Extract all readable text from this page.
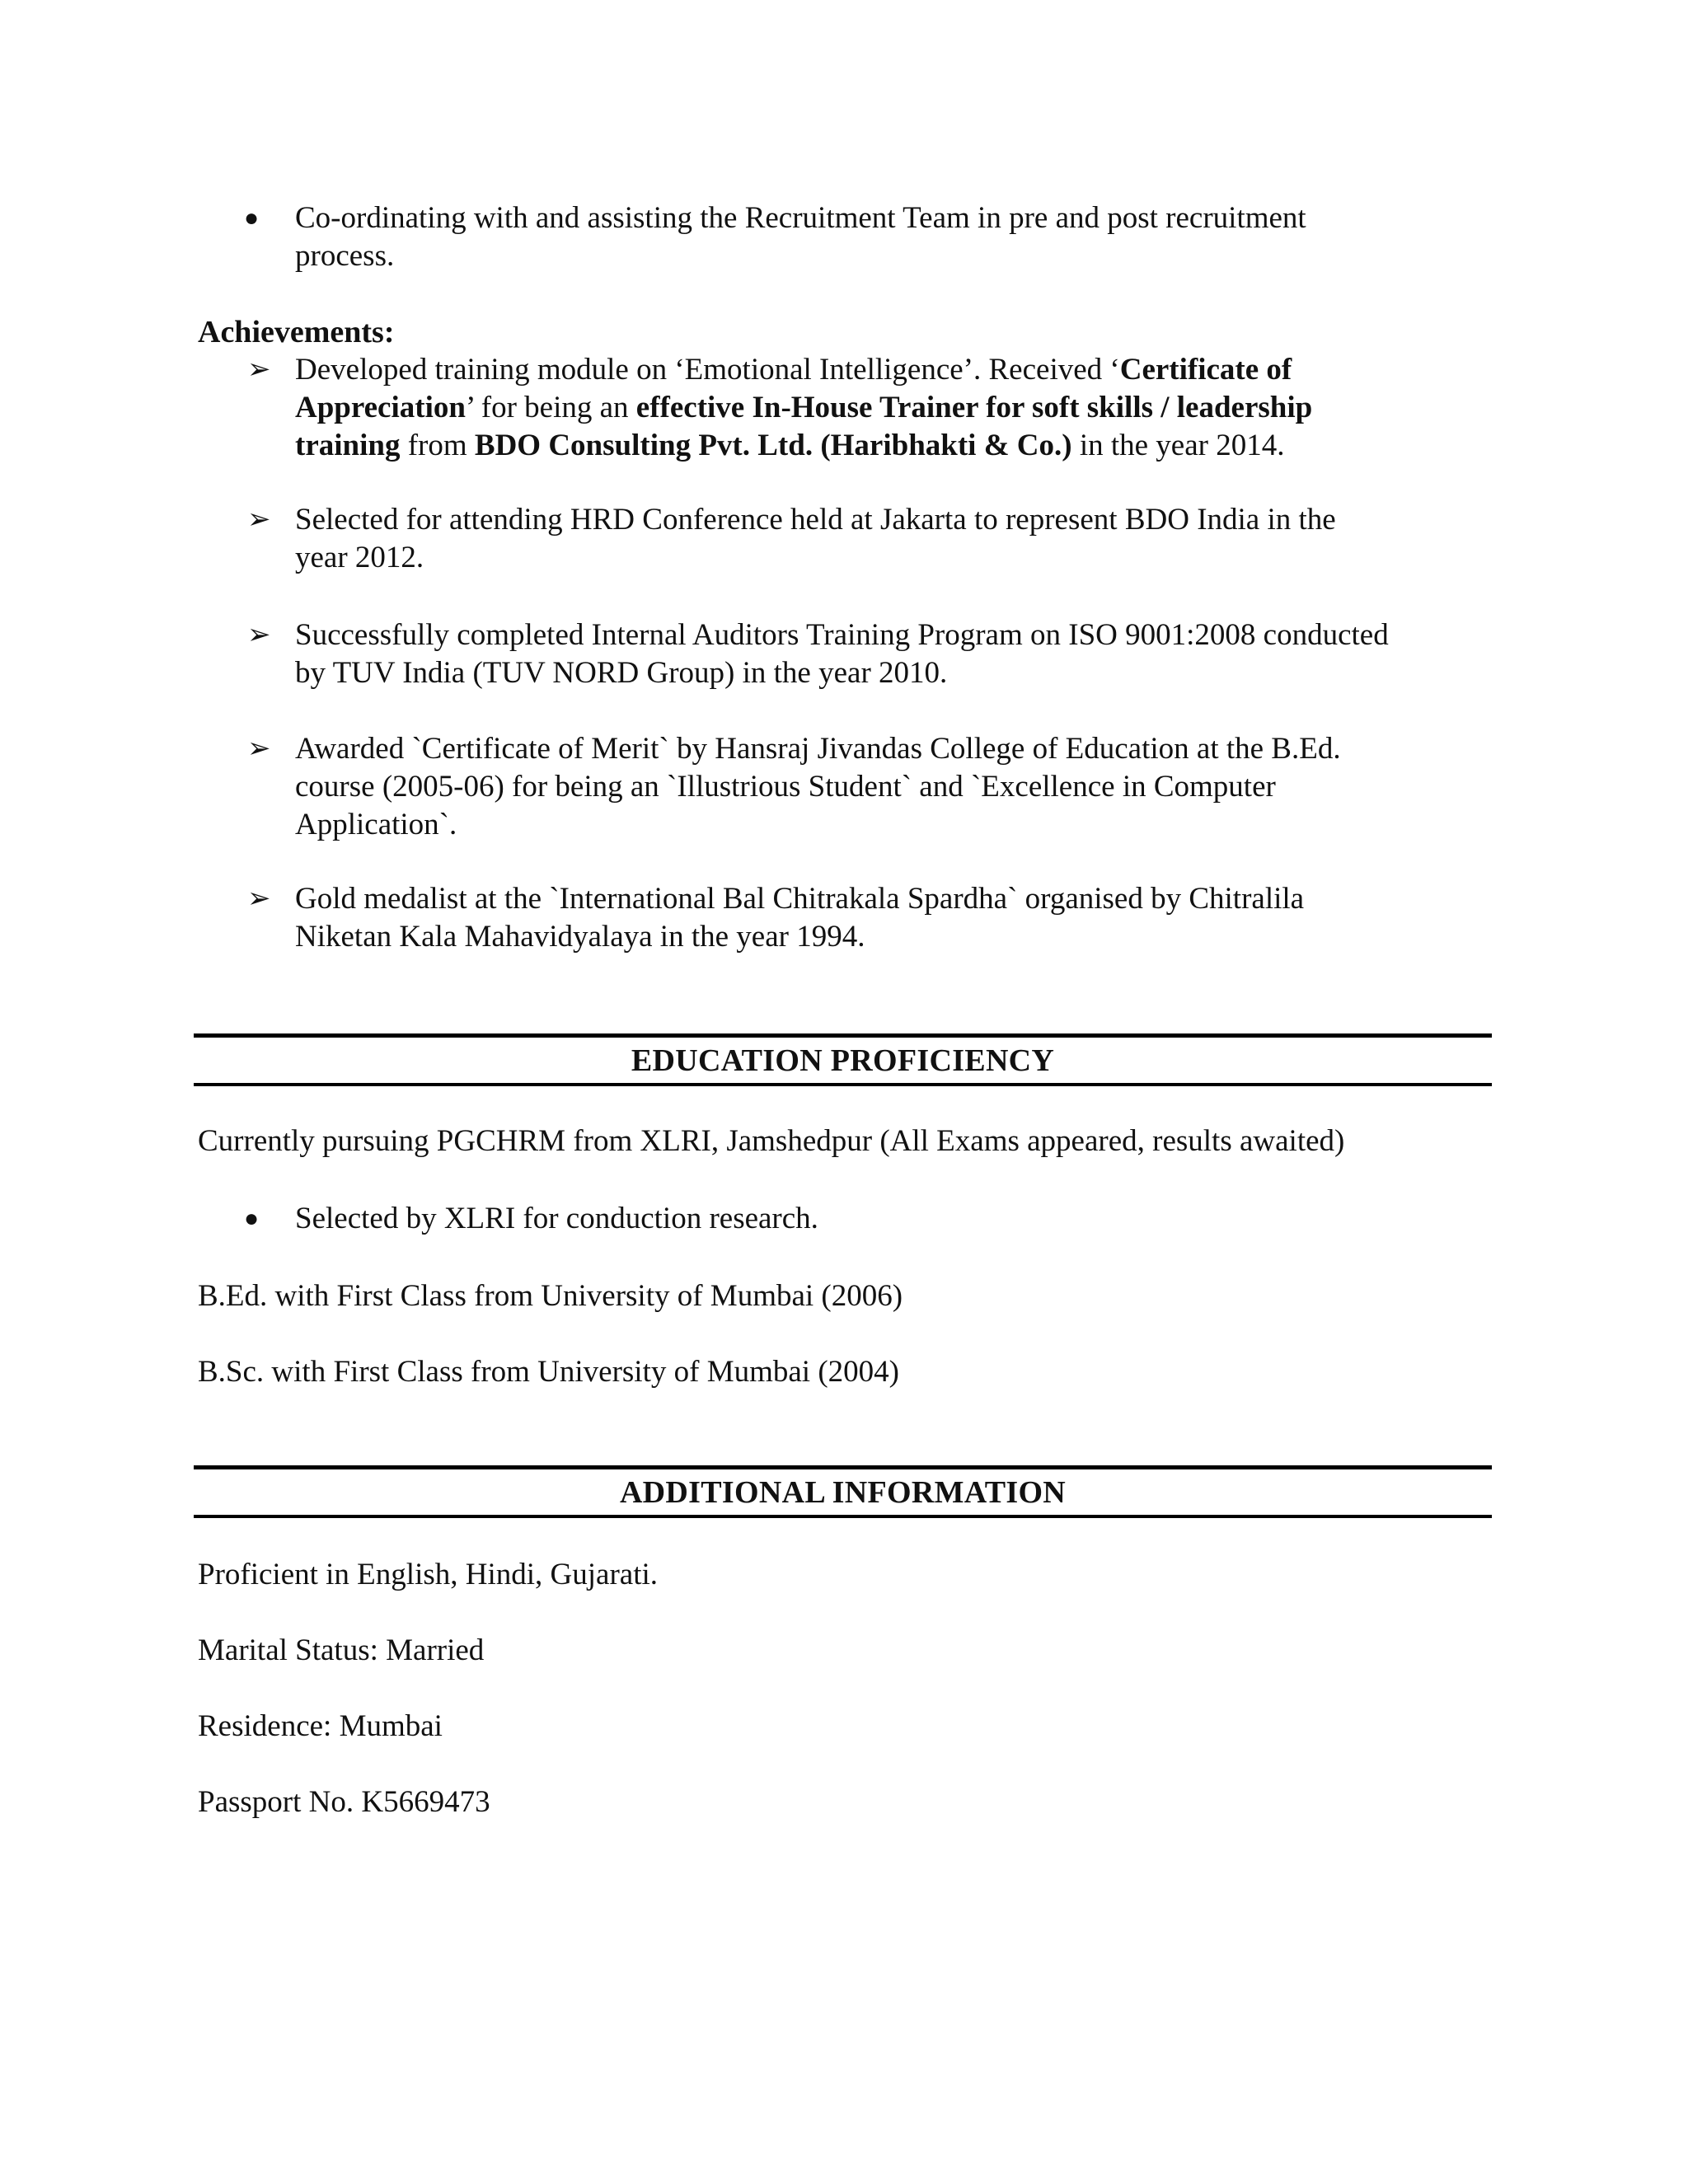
● Co-ordinating with and assisting the Recruitment Team in pre and post recruitment
process.
Achievements:
➢ Developed training module on ‘Emotional Intelligence’. Received ‘Certificate of
Appreciation’ for being an effective In-House Trainer for soft skills / leadership
training from BDO Consulting Pvt. Ltd. (Haribhakti & Co.) in the year 2014.
➢ Selected for attending HRD Conference held at Jakarta to represent BDO India in the
year 2012.
➢ Successfully completed Internal Auditors Training Program on ISO 9001:2008 conducted
by TUV India (TUV NORD Group) in the year 2010.
➢ Awarded `Certificate of Merit` by Hansraj Jivandas College of Education at the B.Ed.
course (2005-06) for being an `Illustrious Student` and `Excellence in Computer
Application`.
➢ Gold medalist at the `International Bal Chitrakala Spardha` organised by Chitralila
Niketan Kala Mahavidyalaya in the year 1994.
EDUCATION PROFICIENCY
Currently pursuing PGCHRM from XLRI, Jamshedpur (All Exams appeared, results awaited)
● Selected by XLRI for conduction research.
B.Ed. with First Class from University of Mumbai (2006)
B.Sc. with First Class from University of Mumbai (2004)
ADDITIONAL INFORMATION
Proficient in English, Hindi, Gujarati.
Marital Status: Married
Residence: Mumbai
Passport No. K5669473
